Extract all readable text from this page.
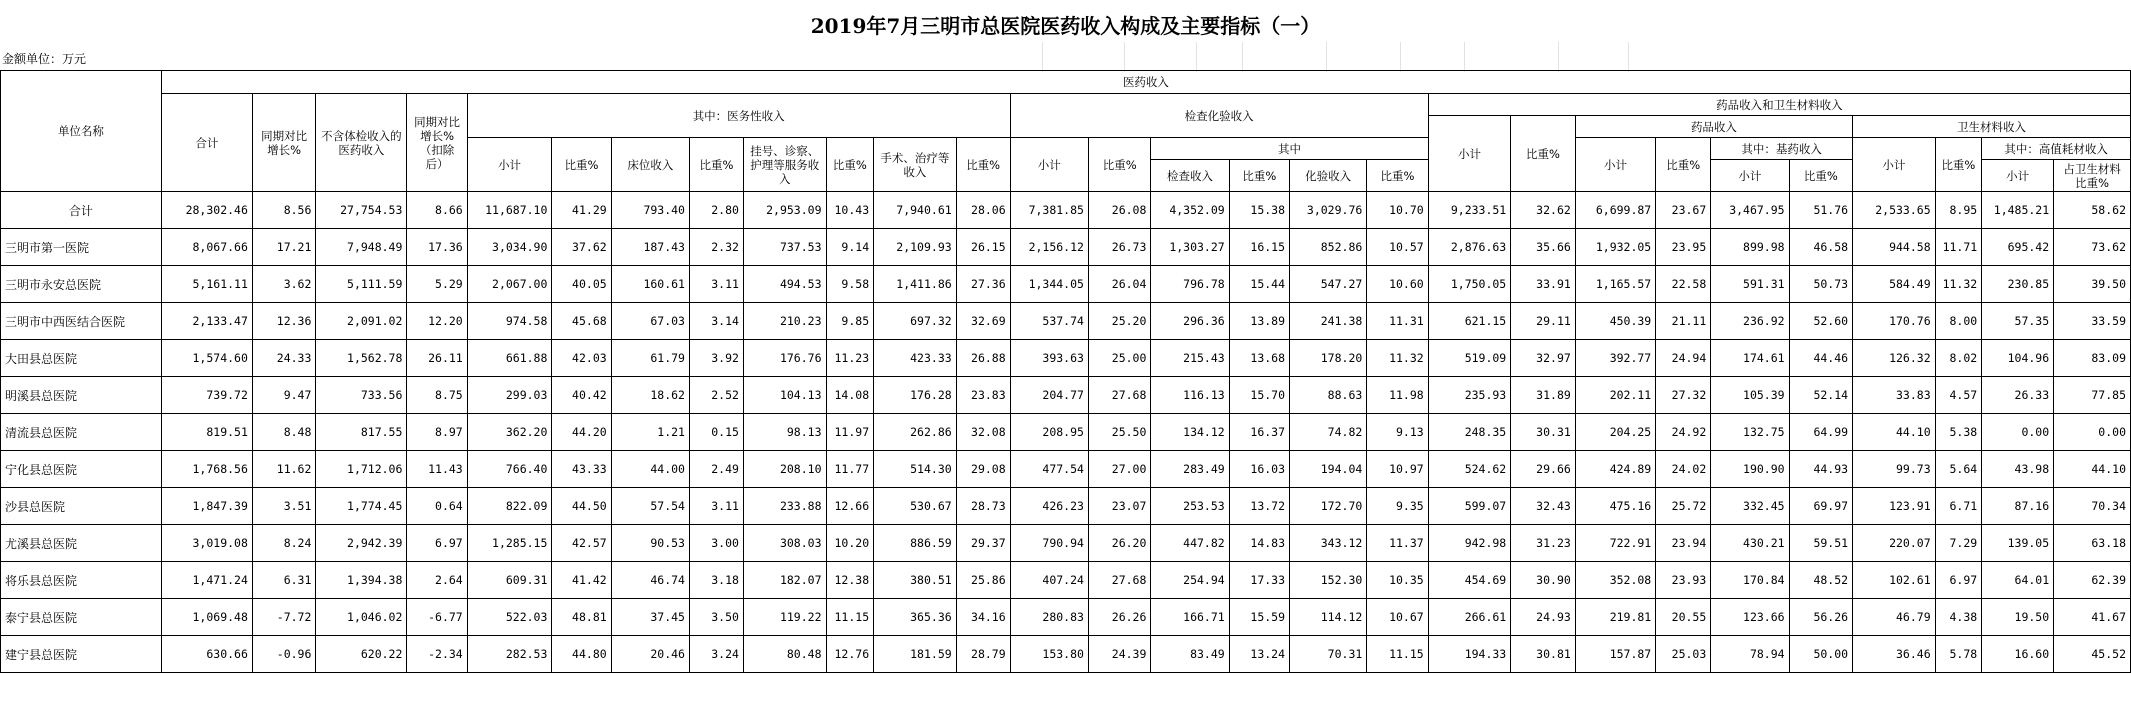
2019年7月三明市总医院医药收入构成及主要指标（一）
金额单位：万元
单位名称	医药收入																											
	合计	同期对比增长%	不含体检收入的医药收入	同期对比增长%（扣除后）	其中：医务性收入								检查化验收入						药品收入和卫生材料收入									
																			小计	比重%	药品收入				卫生材料收入			
					小计	比重%	床位收入	比重%	挂号、诊察、护理等服务收入	比重%	手术、治疗等收入	比重%	小计	比重%	其中						小计	比重%	其中：基药收入		小计	比重%	其中：高值耗材收入	
															检查收入	比重%	化验收入	比重%					小计	比重%			小计	占卫生材料比重%
合计	28,302.46	8.56	27,754.53	8.66	11,687.10	41.29	793.40	2.80	2,953.09	10.43	7,940.61	28.06	7,381.85	26.08	4,352.09	15.38	3,029.76	10.70	9,233.51	32.62	6,699.87	23.67	3,467.95	51.76	2,533.65	8.95	1,485.21	58.62
三明市第一医院	8,067.66	17.21	7,948.49	17.36	3,034.90	37.62	187.43	2.32	737.53	9.14	2,109.93	26.15	2,156.12	26.73	1,303.27	16.15	852.86	10.57	2,876.63	35.66	1,932.05	23.95	899.98	46.58	944.58	11.71	695.42	73.62
三明市永安总医院	5,161.11	3.62	5,111.59	5.29	2,067.00	40.05	160.61	3.11	494.53	9.58	1,411.86	27.36	1,344.05	26.04	796.78	15.44	547.27	10.60	1,750.05	33.91	1,165.57	22.58	591.31	50.73	584.49	11.32	230.85	39.50
三明市中西医结合医院	2,133.47	12.36	2,091.02	12.20	974.58	45.68	67.03	3.14	210.23	9.85	697.32	32.69	537.74	25.20	296.36	13.89	241.38	11.31	621.15	29.11	450.39	21.11	236.92	52.60	170.76	8.00	57.35	33.59
大田县总医院	1,574.60	24.33	1,562.78	26.11	661.88	42.03	61.79	3.92	176.76	11.23	423.33	26.88	393.63	25.00	215.43	13.68	178.20	11.32	519.09	32.97	392.77	24.94	174.61	44.46	126.32	8.02	104.96	83.09
明溪县总医院	739.72	9.47	733.56	8.75	299.03	40.42	18.62	2.52	104.13	14.08	176.28	23.83	204.77	27.68	116.13	15.70	88.63	11.98	235.93	31.89	202.11	27.32	105.39	52.14	33.83	4.57	26.33	77.85
清流县总医院	819.51	8.48	817.55	8.97	362.20	44.20	1.21	0.15	98.13	11.97	262.86	32.08	208.95	25.50	134.12	16.37	74.82	9.13	248.35	30.31	204.25	24.92	132.75	64.99	44.10	5.38	0.00	0.00
宁化县总医院	1,768.56	11.62	1,712.06	11.43	766.40	43.33	44.00	2.49	208.10	11.77	514.30	29.08	477.54	27.00	283.49	16.03	194.04	10.97	524.62	29.66	424.89	24.02	190.90	44.93	99.73	5.64	43.98	44.10
沙县总医院	1,847.39	3.51	1,774.45	0.64	822.09	44.50	57.54	3.11	233.88	12.66	530.67	28.73	426.23	23.07	253.53	13.72	172.70	9.35	599.07	32.43	475.16	25.72	332.45	69.97	123.91	6.71	87.16	70.34
尤溪县总医院	3,019.08	8.24	2,942.39	6.97	1,285.15	42.57	90.53	3.00	308.03	10.20	886.59	29.37	790.94	26.20	447.82	14.83	343.12	11.37	942.98	31.23	722.91	23.94	430.21	59.51	220.07	7.29	139.05	63.18
将乐县总医院	1,471.24	6.31	1,394.38	2.64	609.31	41.42	46.74	3.18	182.07	12.38	380.51	25.86	407.24	27.68	254.94	17.33	152.30	10.35	454.69	30.90	352.08	23.93	170.84	48.52	102.61	6.97	64.01	62.39
泰宁县总医院	1,069.48	-7.72	1,046.02	-6.77	522.03	48.81	37.45	3.50	119.22	11.15	365.36	34.16	280.83	26.26	166.71	15.59	114.12	10.67	266.61	24.93	219.81	20.55	123.66	56.26	46.79	4.38	19.50	41.67
建宁县总医院	630.66	-0.96	620.22	-2.34	282.53	44.80	20.46	3.24	80.48	12.76	181.59	28.79	153.80	24.39	83.49	13.24	70.31	11.15	194.33	30.81	157.87	25.03	78.94	50.00	36.46	5.78	16.60	45.52
